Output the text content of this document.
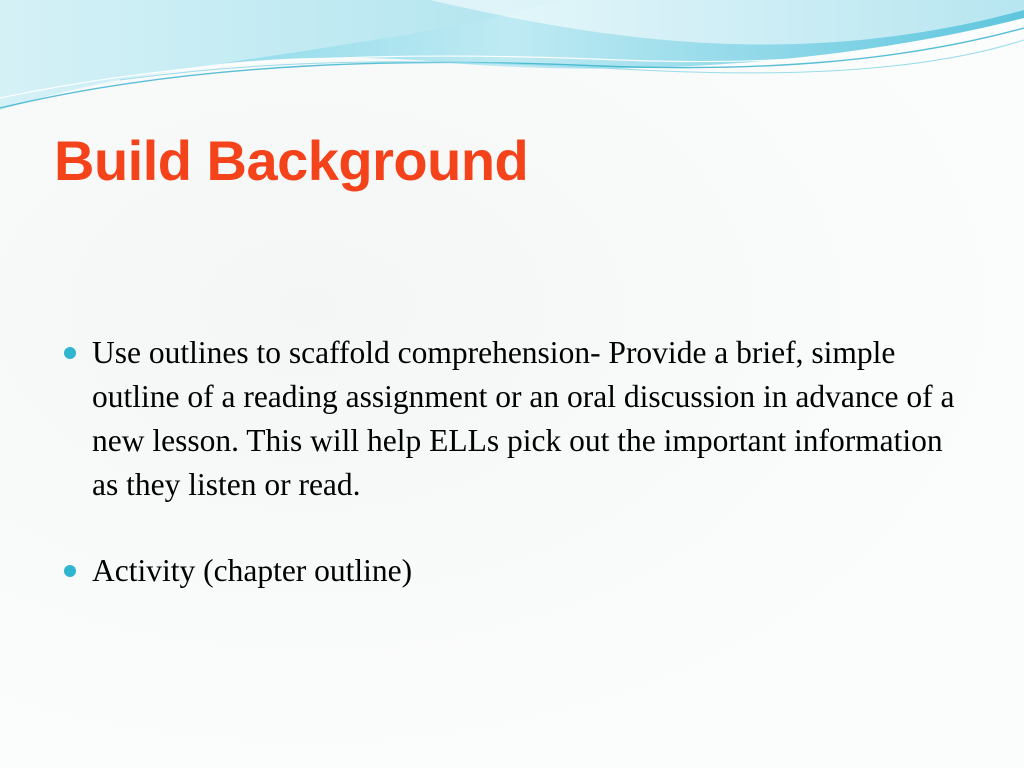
Build Background
Use outlines to scaffold comprehension- Provide a brief, simple outline of a reading assignment or an oral discussion in advance of a new lesson. This will help ELLs pick out the important information as they listen or read.
Activity (chapter outline)
